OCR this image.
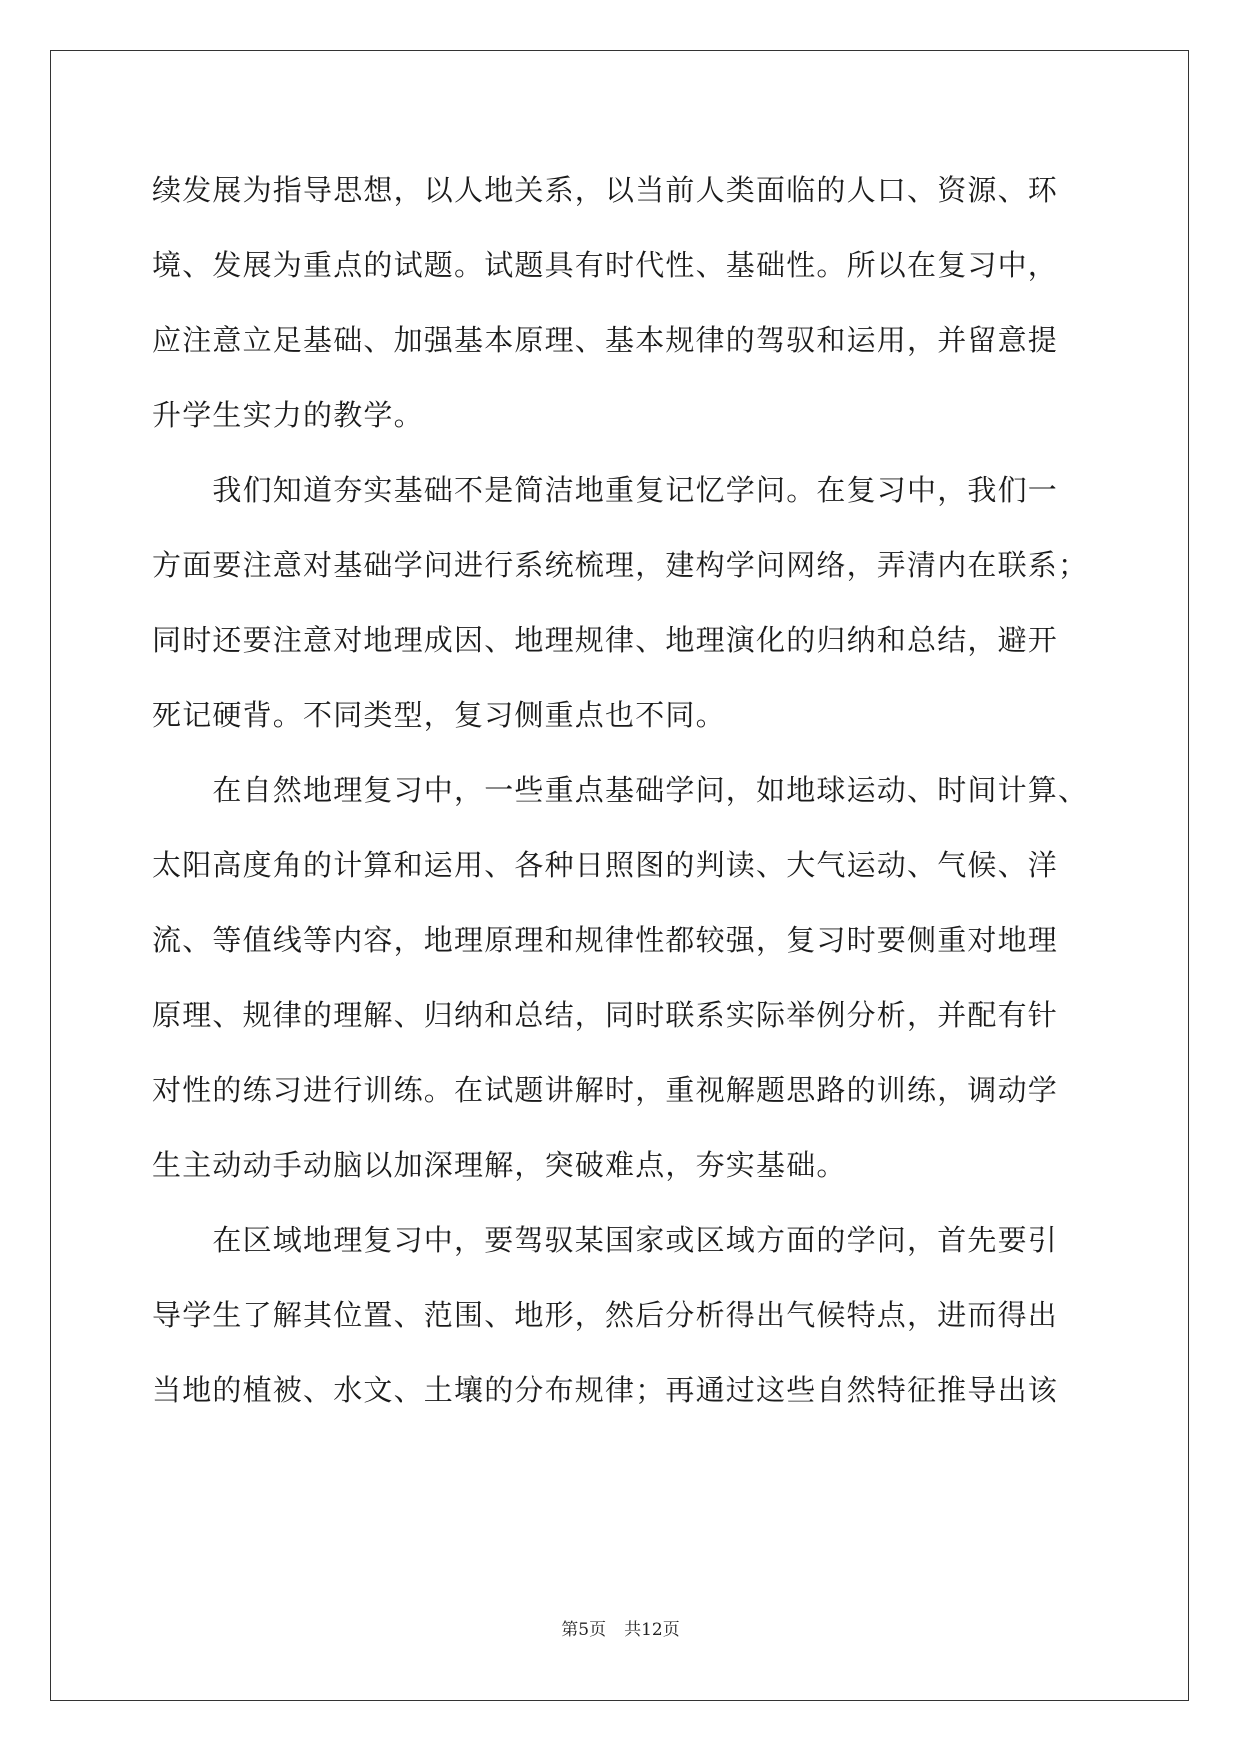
续发展为指导思想，以人地关系，以当前人类面临的人口、资源、环
境、发展为重点的试题。试题具有时代性、基础性。所以在复习中，
应注意立足基础、加强基本原理、基本规律的驾驭和运用，并留意提
升学生实力的教学。
　　我们知道夯实基础不是简洁地重复记忆学问。在复习中，我们一
方面要注意对基础学问进行系统梳理，建构学问网络，弄清内在联系；
同时还要注意对地理成因、地理规律、地理演化的归纳和总结，避开
死记硬背。不同类型，复习侧重点也不同。
　　在自然地理复习中，一些重点基础学问，如地球运动、时间计算、
太阳高度角的计算和运用、各种日照图的判读、大气运动、气候、洋
流、等值线等内容，地理原理和规律性都较强，复习时要侧重对地理
原理、规律的理解、归纳和总结，同时联系实际举例分析，并配有针
对性的练习进行训练。在试题讲解时，重视解题思路的训练，调动学
生主动动手动脑以加深理解，突破难点，夯实基础。
　　在区域地理复习中，要驾驭某国家或区域方面的学问，首先要引
导学生了解其位置、范围、地形，然后分析得出气候特点，进而得出
当地的植被、水文、土壤的分布规律；再通过这些自然特征推导出该
第5页 共12页
